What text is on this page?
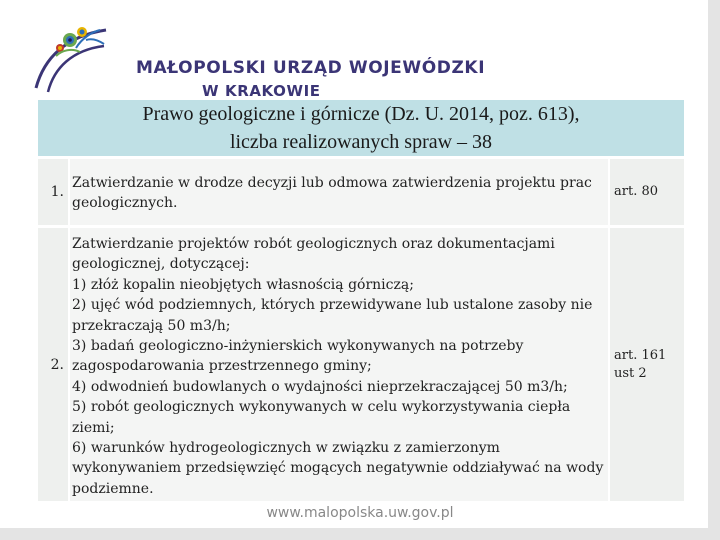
MAŁOPOLSKI URZĄD WOJEWÓDZKI
W KRAKOWIE
Prawo geologiczne i górnicze (Dz. U. 2014, poz. 613),
liczba realizowanych spraw – 38
1.
Zatwierdzanie w drodze decyzji lub odmowa zatwierdzenia projektu prac
geologicznych.
art. 80
2.
Zatwierdzanie projektów robót geologicznych oraz dokumentacjami
geologicznej, dotyczącej:
1) złóż kopalin nieobjętych własnością górniczą;
2) ujęć wód podziemnych, których przewidywane lub ustalone zasoby nie
przekraczają 50 m3/h;
3) badań geologiczno-inżynierskich wykonywanych na potrzeby
zagospodarowania przestrzennego gminy;
4) odwodnień budowlanych o wydajności nieprzekraczającej 50 m3/h;
5) robót geologicznych wykonywanych w celu wykorzystywania ciepła
ziemi;
6) warunków hydrogeologicznych w związku z zamierzonym
wykonywaniem przedsięwzięć mogących negatywnie oddziaływać na wody
podziemne.
art. 161
ust 2
www.malopolska.uw.gov.pl
